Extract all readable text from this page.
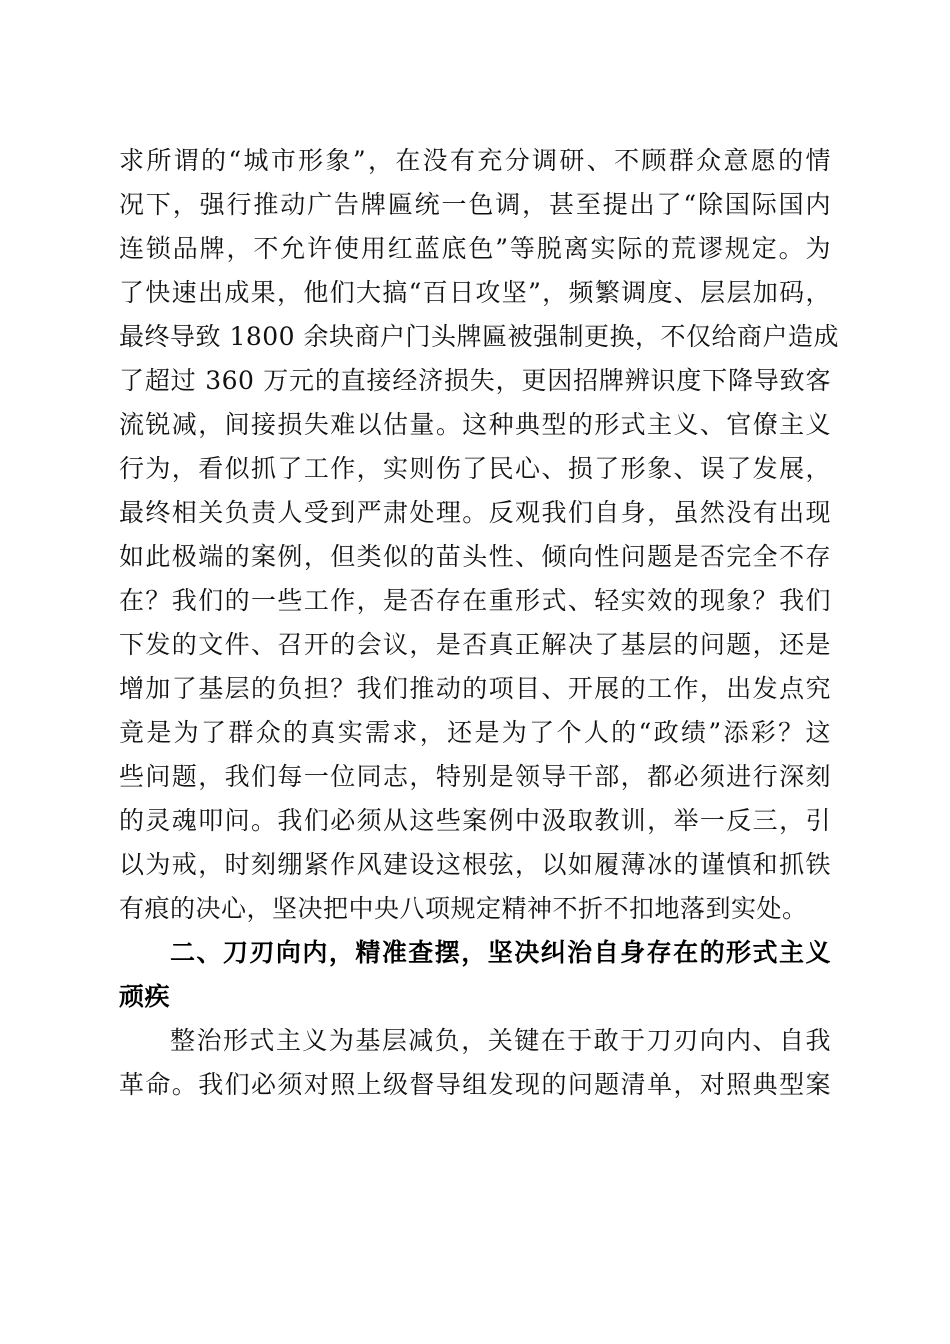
求所谓的“城市形象”，在没有充分调研、不顾群众意愿的情
况下，强行推动广告牌匾统一色调，甚至提出了“除国际国内
连锁品牌，不允许使用红蓝底色”等脱离实际的荒谬规定。为
了快速出成果，他们大搞“百日攻坚”，频繁调度、层层加码，
最终导致 1800 余块商户门头牌匾被强制更换，不仅给商户造成
了超过 360 万元的直接经济损失，更因招牌辨识度下降导致客
流锐减，间接损失难以估量。这种典型的形式主义、官僚主义
行为，看似抓了工作，实则伤了民心、损了形象、误了发展，
最终相关负责人受到严肃处理。反观我们自身，虽然没有出现
如此极端的案例，但类似的苗头性、倾向性问题是否完全不存
在？我们的一些工作，是否存在重形式、轻实效的现象？我们
下发的文件、召开的会议，是否真正解决了基层的问题，还是
增加了基层的负担？我们推动的项目、开展的工作，出发点究
竟是为了群众的真实需求，还是为了个人的“政绩”添彩？这
些问题，我们每一位同志，特别是领导干部，都必须进行深刻
的灵魂叩问。我们必须从这些案例中汲取教训，举一反三，引
以为戒，时刻绷紧作风建设这根弦，以如履薄冰的谨慎和抓铁
有痕的决心，坚决把中央八项规定精神不折不扣地落到实处。
二、刀刃向内，精准查摆，坚决纠治自身存在的形式主义
顽疾
整治形式主义为基层减负，关键在于敢于刀刃向内、自我
革命。我们必须对照上级督导组发现的问题清单，对照典型案
